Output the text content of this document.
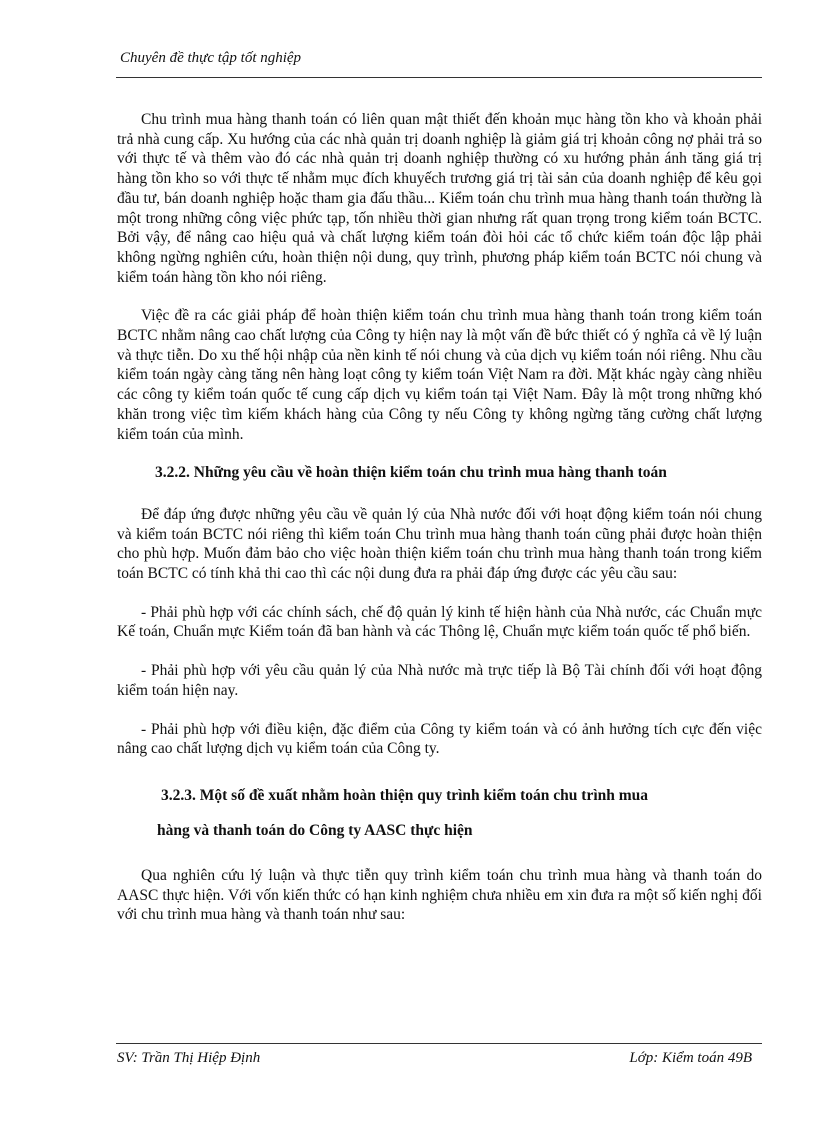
Chuyên đề thực tập tốt nghiệp

Chu trình mua hàng thanh toán có liên quan mật thiết đến khoản mục hàng tồn kho và khoản phải trả nhà cung cấp. Xu hướng của các nhà quản trị doanh nghiệp là giảm giá trị khoản công nợ phải trả so với thực tế và thêm vào đó các nhà quản trị doanh nghiệp thường có xu hướng phản ánh tăng giá trị hàng tồn kho so với thực tế nhằm mục đích khuyếch trương giá trị tài sản của doanh nghiệp để kêu gọi đầu tư, bán doanh nghiệp hoặc tham gia đấu thầu... Kiểm toán chu trình mua hàng thanh toán thường là một trong những công việc phức tạp, tốn nhiều thời gian nhưng rất quan trọng trong kiểm toán BCTC. Bởi vậy, để nâng cao hiệu quả và chất lượng kiểm toán đòi hỏi các tổ chức kiểm toán độc lập phải không ngừng nghiên cứu, hoàn thiện nội dung, quy trình, phương pháp kiểm toán BCTC nói chung và kiểm toán hàng tồn kho nói riêng.

Việc đề ra các giải pháp để hoàn thiện kiểm toán chu trình mua hàng thanh toán trong kiểm toán BCTC nhằm nâng cao chất lượng của Công ty hiện nay là một vấn đề bức thiết có ý nghĩa cả về lý luận và thực tiễn. Do xu thế hội nhập của nền kinh tế nói chung và của dịch vụ kiểm toán nói riêng. Nhu cầu kiểm toán ngày càng tăng nên hàng loạt công ty kiểm toán Việt Nam ra đời. Mặt khác ngày càng nhiều các công ty kiểm toán quốc tế cung cấp dịch vụ kiểm toán tại Việt Nam. Đây là một trong những khó khăn trong việc tìm kiếm khách hàng của Công ty nếu Công ty không ngừng tăng cường chất lượng kiểm toán của mình.

3.2.2. Những yêu cầu về hoàn thiện kiểm toán chu trình mua hàng thanh toán

Để đáp ứng được những yêu cầu về quản lý của Nhà nước đối với hoạt động kiểm toán nói chung và kiểm toán BCTC nói riêng thì kiểm toán Chu trình mua hàng thanh toán cũng phải được hoàn thiện cho phù hợp. Muốn đảm bảo cho việc hoàn thiện kiểm toán chu trình mua hàng thanh toán trong kiểm toán BCTC có tính khả thi cao thì các nội dung đưa ra phải đáp ứng được các yêu cầu sau:

- Phải phù hợp với các chính sách, chế độ quản lý kinh tế hiện hành của Nhà nước, các Chuẩn mực Kế toán, Chuẩn mực Kiểm toán đã ban hành và các Thông lệ, Chuẩn mực kiểm toán quốc tế phổ biến.

- Phải phù hợp với yêu cầu quản lý của Nhà nước mà trực tiếp là Bộ Tài chính đối với hoạt động kiểm toán hiện nay.

- Phải phù hợp với điều kiện, đặc điểm của Công ty kiểm toán và có ảnh hưởng tích cực đến việc nâng cao chất lượng dịch vụ kiểm toán của Công ty.

3.2.3. Một số đề xuất nhằm hoàn thiện quy trình kiểm toán chu trình mua
hàng và thanh toán do Công ty AASC thực hiện

Qua nghiên cứu lý luận và thực tiễn quy trình kiểm toán chu trình mua hàng và thanh toán do AASC thực hiện. Với vốn kiến thức có hạn kinh nghiệm chưa nhiều em xin đưa ra một số kiến nghị đối với chu trình mua hàng và thanh toán như sau:

SV: Trần Thị Hiệp Định	Lớp: Kiểm toán 49B
